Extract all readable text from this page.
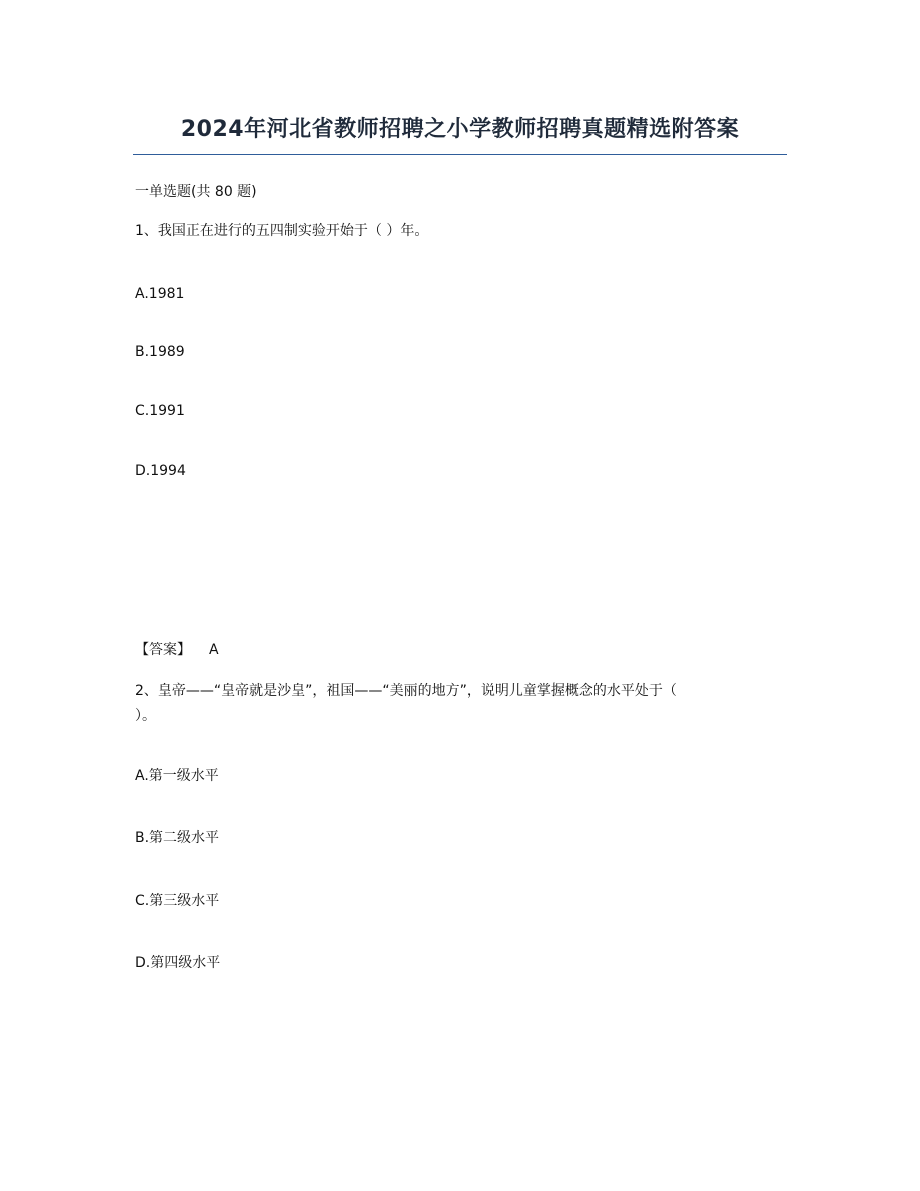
2024年河北省教师招聘之小学教师招聘真题精选附答案
一单选题(共 80 题)
1、我国正在进行的五四制实验开始于（ ）年。
A.1981
B.1989
C.1991
D.1994
【答案】 A
2、皇帝——“皇帝就是沙皇”，祖国——“美丽的地方”，说明儿童掌握概念的水平处于（
）。
A.第一级水平
B.第二级水平
C.第三级水平
D.第四级水平
